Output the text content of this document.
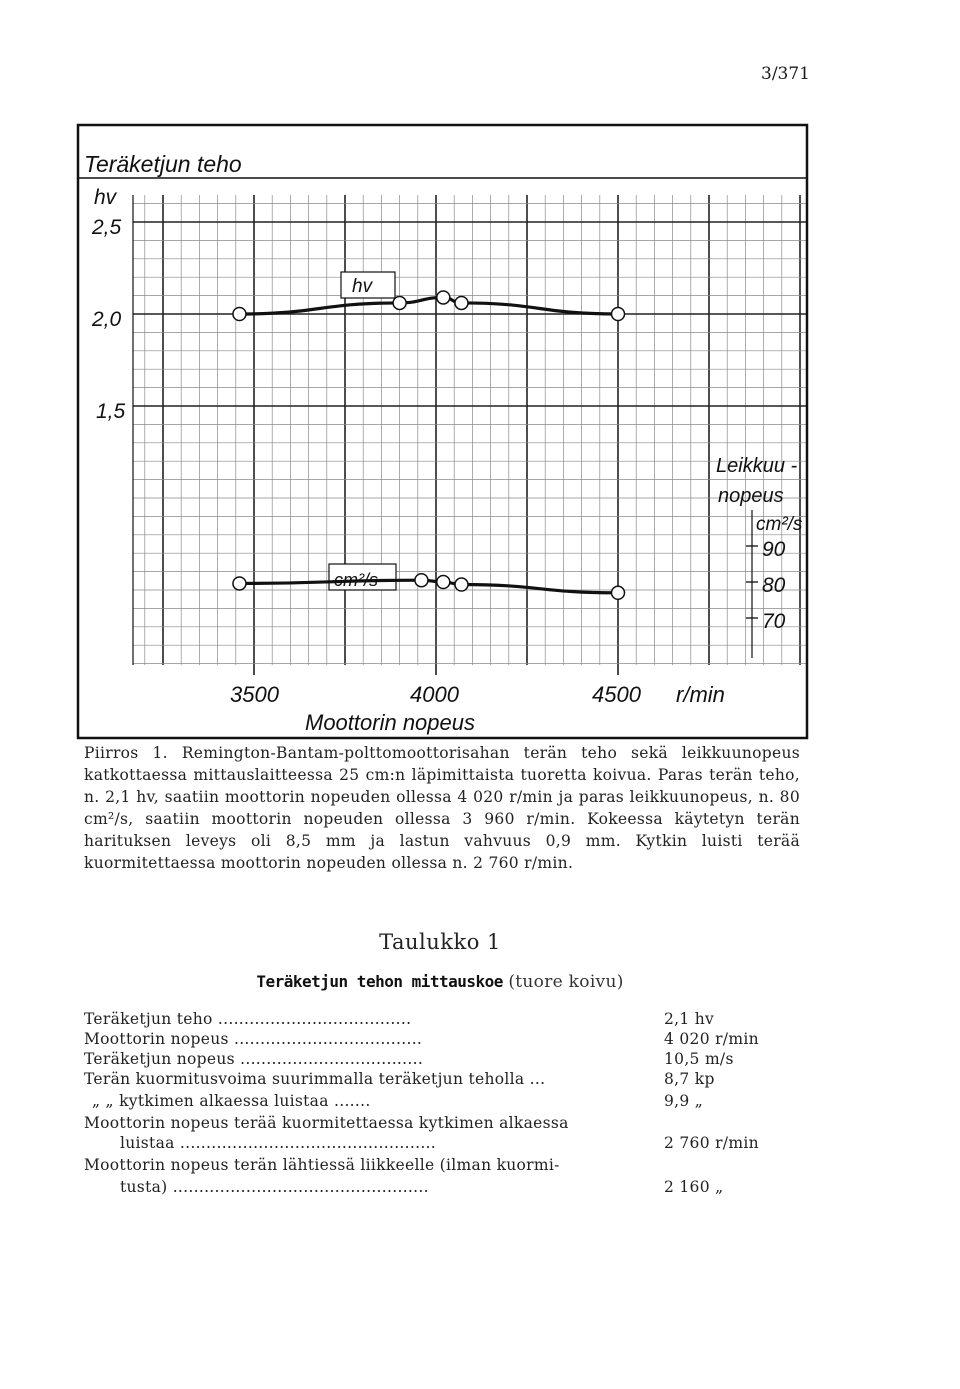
3/371
Teräketjun teho
hv
2,5
2,0
1,5
Leikkuu -
nopeus
cm²/s
90
80
70
hv
cm²/s
3500	4000	4500 r/min
Moottorin nopeus
Piirros 1. Remington-Bantam-polttomoottorisahan terän teho sekä leikkuunopeus katkottaessa mittauslaitteessa 25 cm:n läpimittaista tuoretta koivua. Paras terän teho, n. 2,1 hv, saatiin moottorin nopeuden ollessa 4 020 r/min ja paras leikkuunopeus, n. 80 cm²/s, saatiin moottorin nopeuden ollessa 3 960 r/min. Kokeessa käytetyn terän harituksen leveys oli 8,5 mm ja lastun vahvuus 0,9 mm. Kytkin luisti terää kuormitettaessa moottorin nopeuden ollessa n. 2 760 r/min.
Taulukko 1
Teräketjun tehon mittauskoe (tuore koivu)
Teräketjun teho .....................................	2,1 hv
Moottorin nopeus ....................................	4 020 r/min
Teräketjun nopeus ...................................	10,5 m/s
Terän kuormitusvoima suurimmalla teräketjun teholla ...	8,7 kp
„ „ kytkimen alkaessa luistaa .......	9,9 „
Moottorin nopeus terää kuormitettaessa kytkimen alkaessa
luistaa .................................................	2 760 r/min
Moottorin nopeus terän lähtiessä liikkeelle (ilman kuormi-
tusta) .................................................	2 160 „
